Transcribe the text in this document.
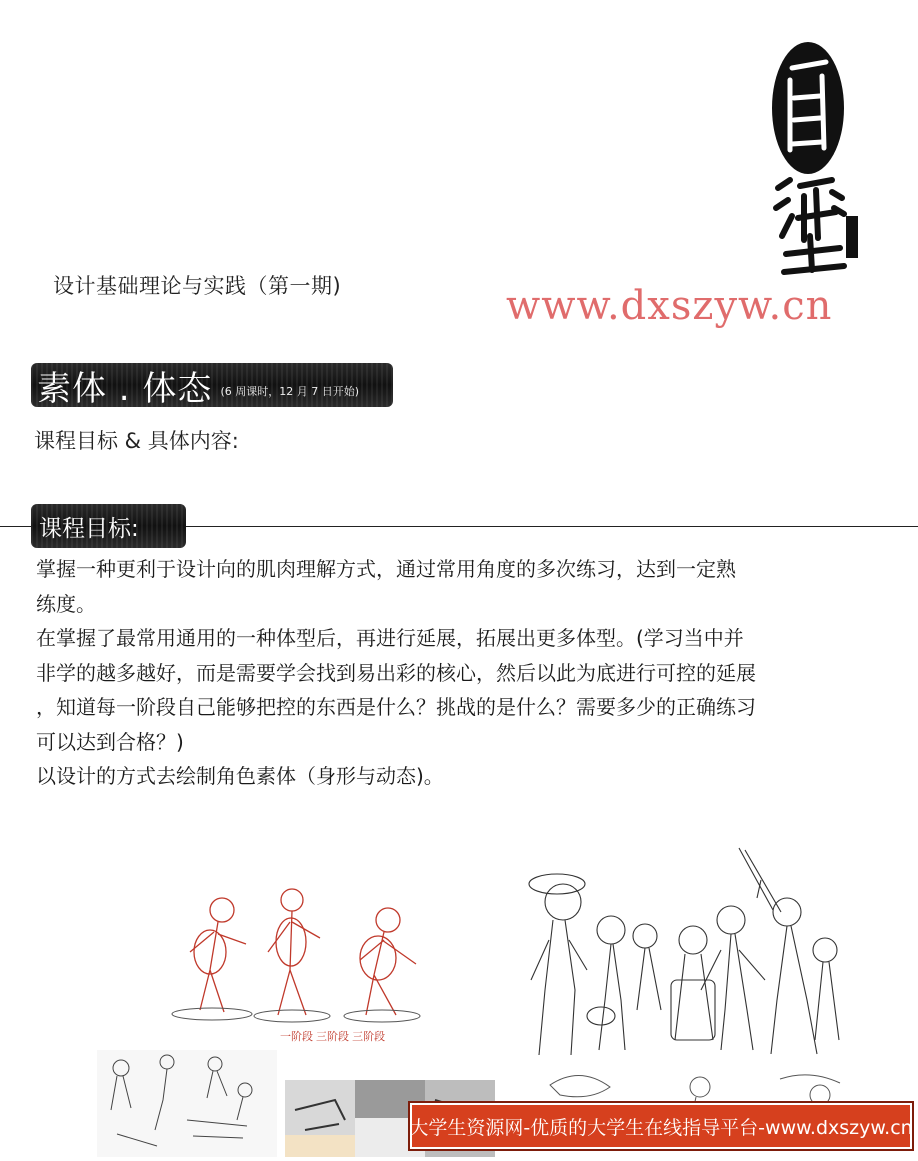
设计基础理论与实践（第一期)	www.dxszyw.cn
素体 . 体态 (6 周课时，12 月 7 日开始)
课程目标 & 具体内容:
课程目标:

掌握一种更利于设计向的肌肉理解方式，通过常用角度的多次练习，达到一定熟

练度。

在掌握了最常用通用的一种体型后，再进行延展，拓展出更多体型。(学习当中并

非学的越多越好，而是需要学会找到易出彩的核心，然后以此为底进行可控的延展

，知道每一阶段自己能够把控的东西是什么？挑战的是什么？需要多少的正确练习

可以达到合格？)

以设计的方式去绘制角色素体（身形与动态)。

一阶段 三阶段 三阶段
大学生资源网-优质的大学生在线指导平台-www.dxszyw.cn
